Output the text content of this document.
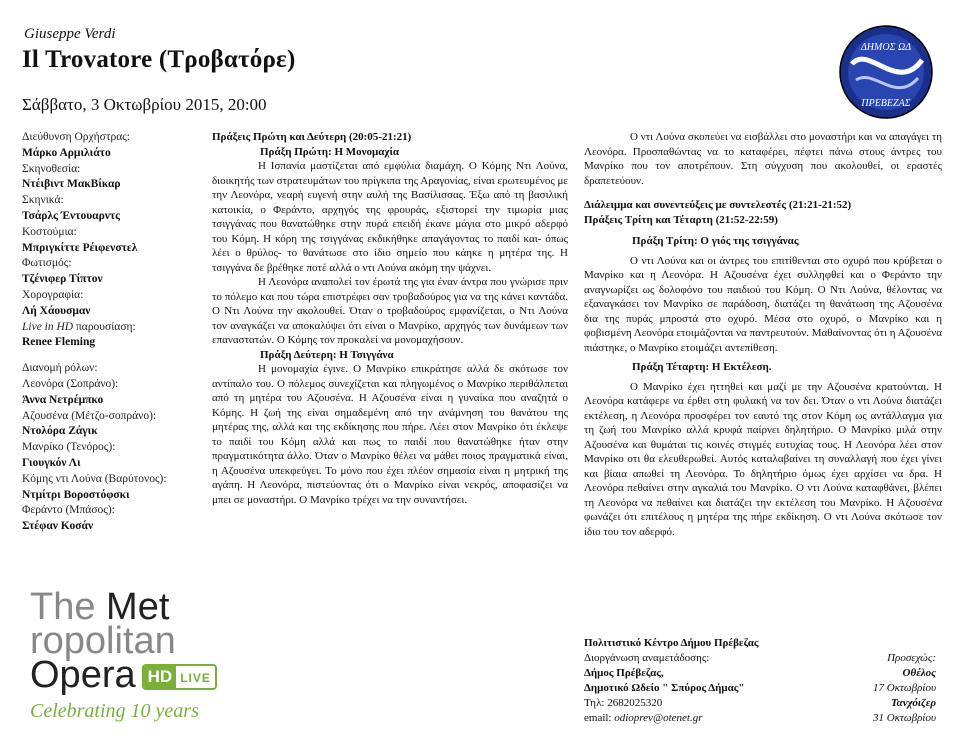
Giuseppe Verdi
Il Trovatore (Τροβατόρε)
Σάββατο, 3 Οκτωβρίου 2015, 20:00
ΔΗΜΟΣ ΩΔ
ΠΡΕΒΕΖΑΣ
Διεύθυνση Ορχήστρας:
Μάρκο Αρμιλιάτο
Σκηνοθεσία:
Ντέιβιντ ΜακΒίκαρ
Σκηνικά:
Τσάρλς Έντουαρντς
Κοστούμια:
Μπριγκίττε Ρέιφενστελ
Φωτισμός:
Τζένιφερ Τίπτον
Χορογραφία:
Λή Χάουσμαν
Live in HD παρουσίαση:
Renee Fleming
Διανομή ρόλων:
Λεονόρα (Σοπράνο):
Άννα Νετρέμπκο
Αζουσένα (Μέτζο-σοπράνο):
Ντολόρα Ζάγικ
Μανρίκο (Τενόρος):
Γιουγκόν Λι
Κόμης ντι Λούνα (Βαρύτονος):
Ντμίτρι Βοροστόφσκι
Φεράντο (Μπάσος):
Στέφαν Κοσάν

Πράξεις Πρώτη και Δεύτερη (20:05-21:21)

Πράξη Πρώτη: Η Μονομαχία

Η Ισπανία μαστίζεται από εμφύλια διαμάχη. Ο Κόμης Ντι Λούνα, διοικητής των στρατευμάτων του πρίγκιπα της Αραγονίας, είναι ερωτευμένος με την Λεονόρα, νεαρή ευγενή στην αυλή της Βασίλισσας. Έξω από τη βασιλική κατοικία, ο Φεράντο, αρχηγός της φρουράς, εξιστορεί την τιμωρία μιας τσιγγάνας που θανατώθηκε στην πυρά επειδή έκανε μάγια στο μικρό αδερφό του Κόμη. Η κόρη της τσιγγάνας εκδικήθηκε απαγάγοντας το παιδί και- όπως λέει ο θρύλος- το θανάτωσε στο ίδιο σημείο που κάηκε η μητέρα της. Η τσιγγάνα δε βρέθηκε ποτέ αλλά ο ντι Λούνα ακόμη την ψάχνει.

Η Λεονόρα αναπολεί τον έρωτά της για έναν άντρα που γνώρισε πριν το πόλεμο και που τώρα επιστρέφει σαν τροβαδούρος για να της κάνει καντάδα. Ο Ντι Λούνα την ακολουθεί. Όταν ο τροβαδούρος εμφανίζεται, ο Ντι Λούνα τον αναγκάζει να αποκαλύψει ότι είναι ο Μανρίκο, αρχηγός των δυνάμεων των επαναστατών. Ο Κόμης τον προκαλεί να μονομαχήσουν.

Πράξη Δεύτερη: Η Τσιγγάνα

Η μονομαχία έγινε. Ο Μανρίκο επικράτησε αλλά δε σκότωσε τον αντίπαλο του. Ο πόλεμος συνεχίζεται και πληγωμένος ο Μανρίκο περιθάλπεται από τη μητέρα του Αζουσένα. Η Αζουσένα είναι η γυναίκα που αναζητά ο Κόμης. Η ζωή της είναι σημαδεμένη από την ανάμνηση του θανάτου της μητέρας της, αλλά και της εκδίκησης που πήρε. Λέει στον Μανρίκο ότι έκλεψε το παιδί του Κόμη αλλά και πως το παιδί που θανατώθηκε ήταν στην πραγματικότητα άλλο. Όταν ο Μανρίκο θέλει να μάθει ποιος πραγματικά είναι, η Αζουσένα υπεκφεύγει. Το μόνο που έχει πλέον σημασία είναι η μητρική της αγάπη. Η Λεονόρα, πιστεύοντας ότι ο Μανρίκο είναι νεκρός, αποφασίζει να μπει σε μοναστήρι. Ο Μανρίκο τρέχει να την συναντήσει.

Ο ντι Λούνα σκοπεύει να εισβάλλει στο μοναστήρι και να απαγάγει τη Λεονόρα. Προσπαθώντας να το καταφέρει, πέφτει πάνω στους άντρες του Μανρίκο που τον αποτρέπουν. Στη σύγχυση που ακολουθεί, οι εραστές δραπετεύουν.

Διάλειμμα και συνεντεύξεις με συντελεστές (21:21-21:52)

Πράξεις Τρίτη και Τέταρτη (21:52-22:59)

Πράξη Τρίτη: Ο γιός της τσιγγάνας

Ο ντι Λούνα και οι άντρες του επιτίθενται στο οχυρό που κρύβεται ο Μανρίκο και η Λεονόρα. Η Αζουσένα έχει συλληφθεί και ο Φεράντο την αναγνωρίζει ως δολοφόνο του παιδιού του Κόμη. Ο Ντι Λούνα, θέλοντας να εξαναγκάσει τον Μανρίκο σε παράδοση, διατάζει τη θανάτωση της Αζουσένα δια της πυράς μπροστά στο οχυρό. Μέσα στο οχυρό, ο Μανρίκο και η φοβισμένη Λεονόρα ετοιμάζονται να παντρευτούν. Μαθαίνοντας ότι η Αζουσένα πιάστηκε, ο Μανρίκο ετοιμάζει αντεπίθεση.

Πράξη Τέταρτη: Η Εκτέλεση.

Ο Μανρίκο έχει ηττηθεί και μαζί με την Αζουσένα κρατούνται. Η Λεονόρα κατάφερε να έρθει στη φυλακή να τον δει. Όταν ο ντι Λούνα διατάζει εκτέλεση, η Λεονόρα προσφέρει τον εαυτό της στον Κόμη ως αντάλλαγμα για τη ζωή του Μανρίκο αλλά κρυφά παίρνει δηλητήριο. Ο Μανρίκο μιλά στην Αζουσένα και θυμάται τις κοινές στιγμές ευτυχίας τους. Η Λεονόρα λέει στον Μανρίκο οτι θα ελευθερωθεί. Αυτός καταλαβαίνει τη συναλλαγή που έχει γίνει και βίαια απωθεί τη Λεονόρα. Το δηλητήριο όμως έχει αρχίσει να δρα. Η Λεονόρα πεθαίνει στην αγκαλιά του Μανρίκο. Ο ντι Λούνα καταφθάνει, βλέπει τη Λεονόρα να πεθαίνει και διατάζει την εκτέλεση του Μανρίκο. Η Αζουσένα φωνάζει ότι επιτέλους η μητέρα της πήρε εκδίκηση. Ο ντι Λούνα σκότωσε τον ίδιο του τον αδερφό.

The Met
ropolitan
Opera HD LIVE
Celebrating 10 years
Πολιτιστικό Κέντρο Δήμου Πρέβεζας
Διοργάνωση αναμετάδοσης:	Προσεχώς:
Δήμος Πρέβεζας,	Οθέλος
Δημοτικό Ωδείο " Σπύρος Δήμας"	17 Οκτωβρίου
Τηλ: 2682025320	Τανχόιζερ
email: odioprev@otenet.gr	31 Οκτωβρίου
